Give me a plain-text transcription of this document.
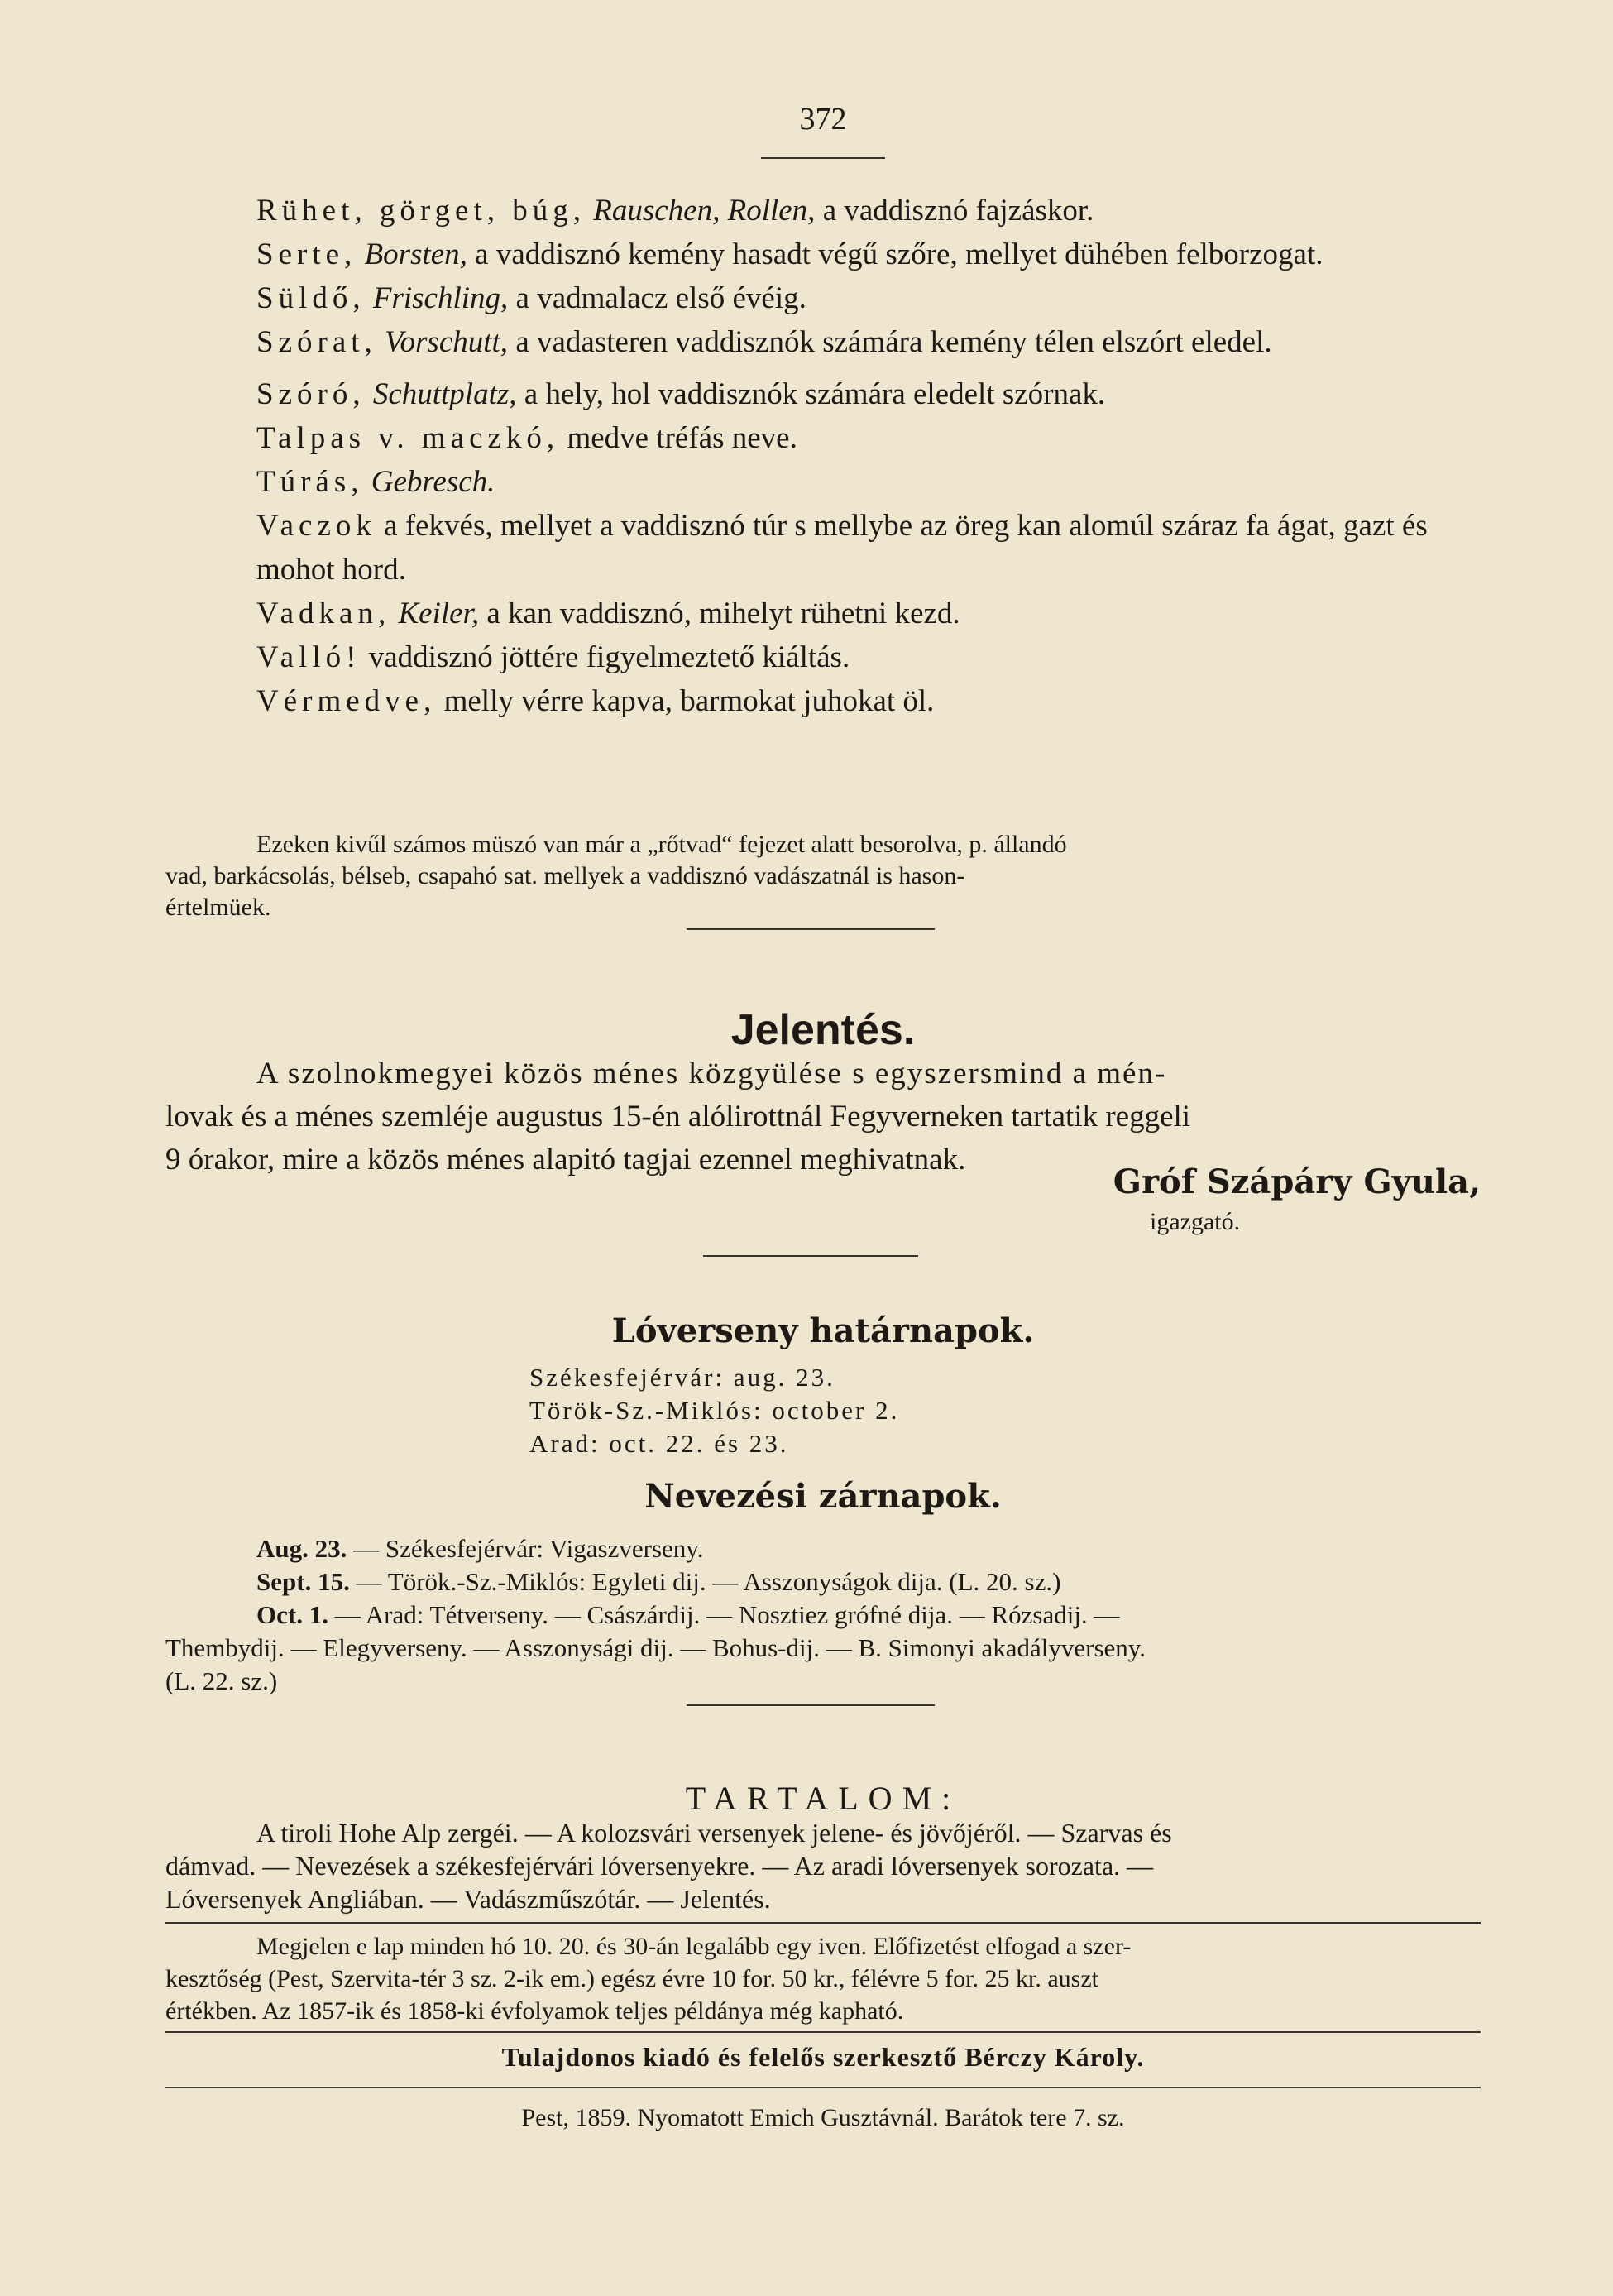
372

Rühet, görget, búg, Rauschen, Rollen, a vaddisznó fajzáskor.

Serte, Borsten, a vaddisznó kemény hasadt végű szőre, mellyet dühében felborzogat.

Süldő, Frischling, a vadmalacz első évéig.

Szórat, Vorschutt, a vadasteren vaddisznók számára kemény télen elszórt eledel.

Szóró, Schuttplatz, a hely, hol vaddisznók számára eledelt szórnak.

Talpas v. maczkó, medve tréfás neve.

Túrás, Gebresch.

Vaczok a fekvés, mellyet a vaddisznó túr s mellybe az öreg kan alomúl száraz fa ágat, gazt és mohot hord.

Vadkan, Keiler, a kan vaddisznó, mihelyt rühetni kezd.

Valló! vaddisznó jöttére figyelmeztető kiáltás.

Vérmedve, melly vérre kapva, barmokat juhokat öl.

Ezeken kivűl számos müszó van már a „rőtvad“ fejezet alatt besorolva, p. állandó

vad, barkácsolás, bélseb, csapahó sat. mellyek a vaddisznó vadászatnál is hason-

értelmüek.

Jelentés.

A szolnokmegyei közös ménes közgyülése s egyszersmind a mén-

lovak és a ménes szemléje augustus 15-én alólirottnál Fegyverneken tartatik reggeli

9 órakor, mire a közös ménes alapitó tagjai ezennel meghivatnak.

Gróf Szápáry Gyula,
igazgató.
Lóverseny határnapok.

Székesfejérvár: aug. 23.

Török-Sz.-Miklós: october 2.

Arad: oct. 22. és 23.

Nevezési zárnapok.

Aug. 23. — Székesfejérvár: Vigaszverseny.

Sept. 15. — Török.-Sz.-Miklós: Egyleti dij. — Asszonyságok dija. (L. 20. sz.)

Oct. 1. — Arad: Tétverseny. — Császárdij. — Nosztiez grófné dija. — Rózsadij. —

Thembydij. — Elegyverseny. — Asszonysági dij. — Bohus-dij. — B. Simonyi akadályverseny.

(L. 22. sz.)

TARTALOM:

A tiroli Hohe Alp zergéi. — A kolozsvári versenyek jelene- és jövőjéről. — Szarvas és

dámvad. — Nevezések a székesfejérvári lóversenyekre. — Az aradi lóversenyek sorozata. —

Lóversenyek Angliában. — Vadászműszótár. — Jelentés.

Megjelen e lap minden hó 10. 20. és 30-án legalább egy iven. Előfizetést elfogad a szer-

kesztőség (Pest, Szervita-tér 3 sz. 2-ik em.) egész évre 10 for. 50 kr., félévre 5 for. 25 kr. auszt

értékben. Az 1857-ik és 1858-ki évfolyamok teljes példánya még kapható.

Tulajdonos kiadó és felelős szerkesztő Bérczy Károly.
Pest, 1859. Nyomatott Emich Gusztávnál. Barátok tere 7. sz.
